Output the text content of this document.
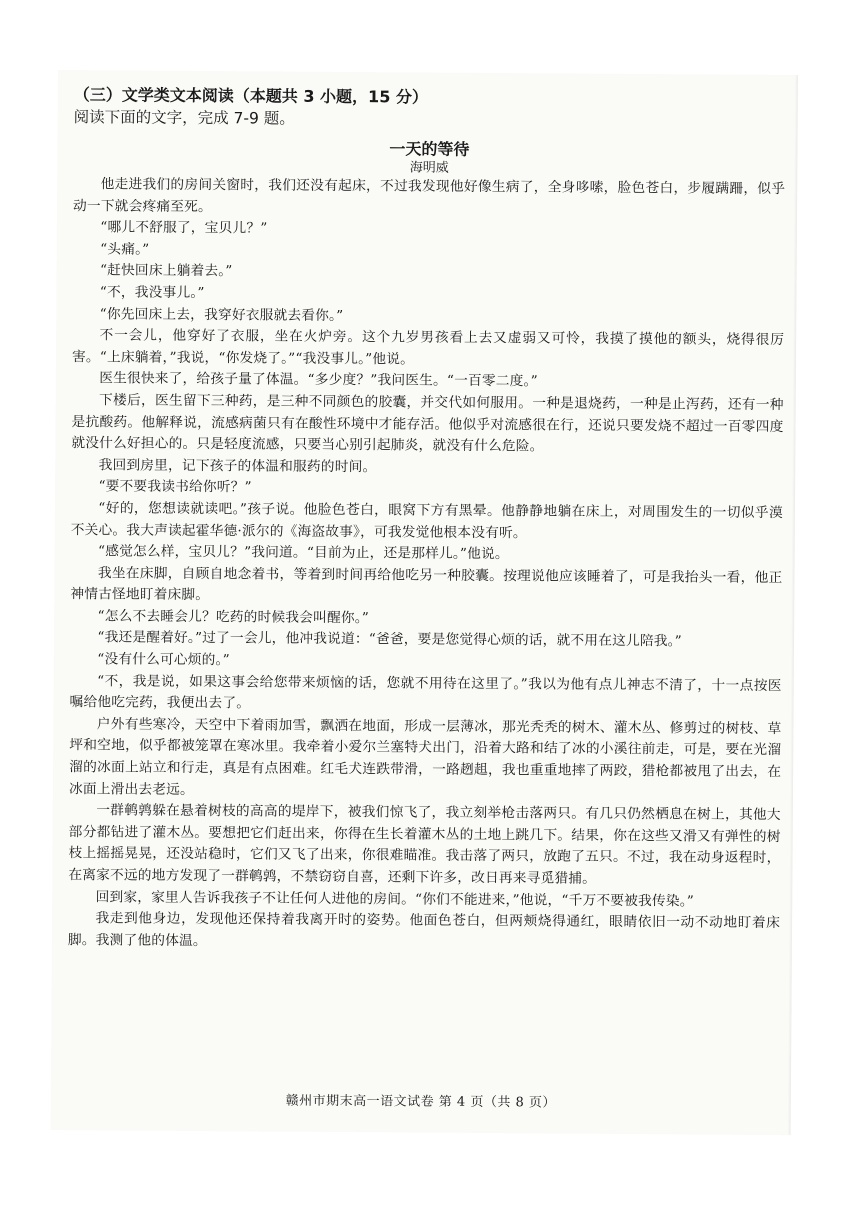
（三）文学类文本阅读（本题共 3 小题，15 分）

阅读下面的文字，完成 7-9 题。

一天的等待

海明威

他走进我们的房间关窗时，我们还没有起床，不过我发现他好像生病了，全身哆嗦，脸色苍白，步履蹒跚，似乎动一下就会疼痛至死。

“哪儿不舒服了，宝贝儿？”

“头痛。”

“赶快回床上躺着去。”

“不，我没事儿。”

“你先回床上去，我穿好衣服就去看你。”

不一会儿，他穿好了衣服，坐在火炉旁。这个九岁男孩看上去又虚弱又可怜，我摸了摸他的额头，烧得很厉害。“上床躺着，”我说，“你发烧了。”“我没事儿。”他说。

医生很快来了，给孩子量了体温。“多少度？”我问医生。“一百零二度。”

下楼后，医生留下三种药，是三种不同颜色的胶囊，并交代如何服用。一种是退烧药，一种是止泻药，还有一种是抗酸药。他解释说，流感病菌只有在酸性环境中才能存活。他似乎对流感很在行，还说只要发烧不超过一百零四度就没什么好担心的。只是轻度流感，只要当心别引起肺炎，就没有什么危险。

我回到房里，记下孩子的体温和服药的时间。

“要不要我读书给你听？”

“好的，您想读就读吧。”孩子说。他脸色苍白，眼窝下方有黑晕。他静静地躺在床上，对周围发生的一切似乎漠不关心。我大声读起霍华德·派尔的《海盗故事》，可我发觉他根本没有听。

“感觉怎么样，宝贝儿？”我问道。“目前为止，还是那样儿。”他说。

我坐在床脚，自顾自地念着书，等着到时间再给他吃另一种胶囊。按理说他应该睡着了，可是我抬头一看，他正神情古怪地盯着床脚。

“怎么不去睡会儿？吃药的时候我会叫醒你。”

“我还是醒着好。”过了一会儿，他冲我说道：“爸爸，要是您觉得心烦的话，就不用在这儿陪我。”

“没有什么可心烦的。”

“不，我是说，如果这事会给您带来烦恼的话，您就不用待在这里了。”我以为他有点儿神志不清了，十一点按医嘱给他吃完药，我便出去了。

户外有些寒冷，天空中下着雨加雪，飘洒在地面，形成一层薄冰，那光秃秃的树木、灌木丛、修剪过的树枝、草坪和空地，似乎都被笼罩在寒冰里。我牵着小爱尔兰塞特犬出门，沿着大路和结了冰的小溪往前走，可是，要在光溜溜的冰面上站立和行走，真是有点困难。红毛犬连跌带滑，一路趔趄，我也重重地摔了两跤，猎枪都被甩了出去，在冰面上滑出去老远。

一群鹌鹑躲在悬着树枝的高高的堤岸下，被我们惊飞了，我立刻举枪击落两只。有几只仍然栖息在树上，其他大部分都钻进了灌木丛。要想把它们赶出来，你得在生长着灌木丛的土地上跳几下。结果，你在这些又滑又有弹性的树枝上摇摇晃晃，还没站稳时，它们又飞了出来，你很难瞄准。我击落了两只，放跑了五只。不过，我在动身返程时，在离家不远的地方发现了一群鹌鹑，不禁窃窃自喜，还剩下许多，改日再来寻觅猎捕。

回到家，家里人告诉我孩子不让任何人进他的房间。“你们不能进来，”他说，“千万不要被我传染。”

我走到他身边，发现他还保持着我离开时的姿势。他面色苍白，但两颊烧得通红，眼睛依旧一动不动地盯着床脚。我测了他的体温。

赣州市期末高一语文试卷 第 4 页（共 8 页）
